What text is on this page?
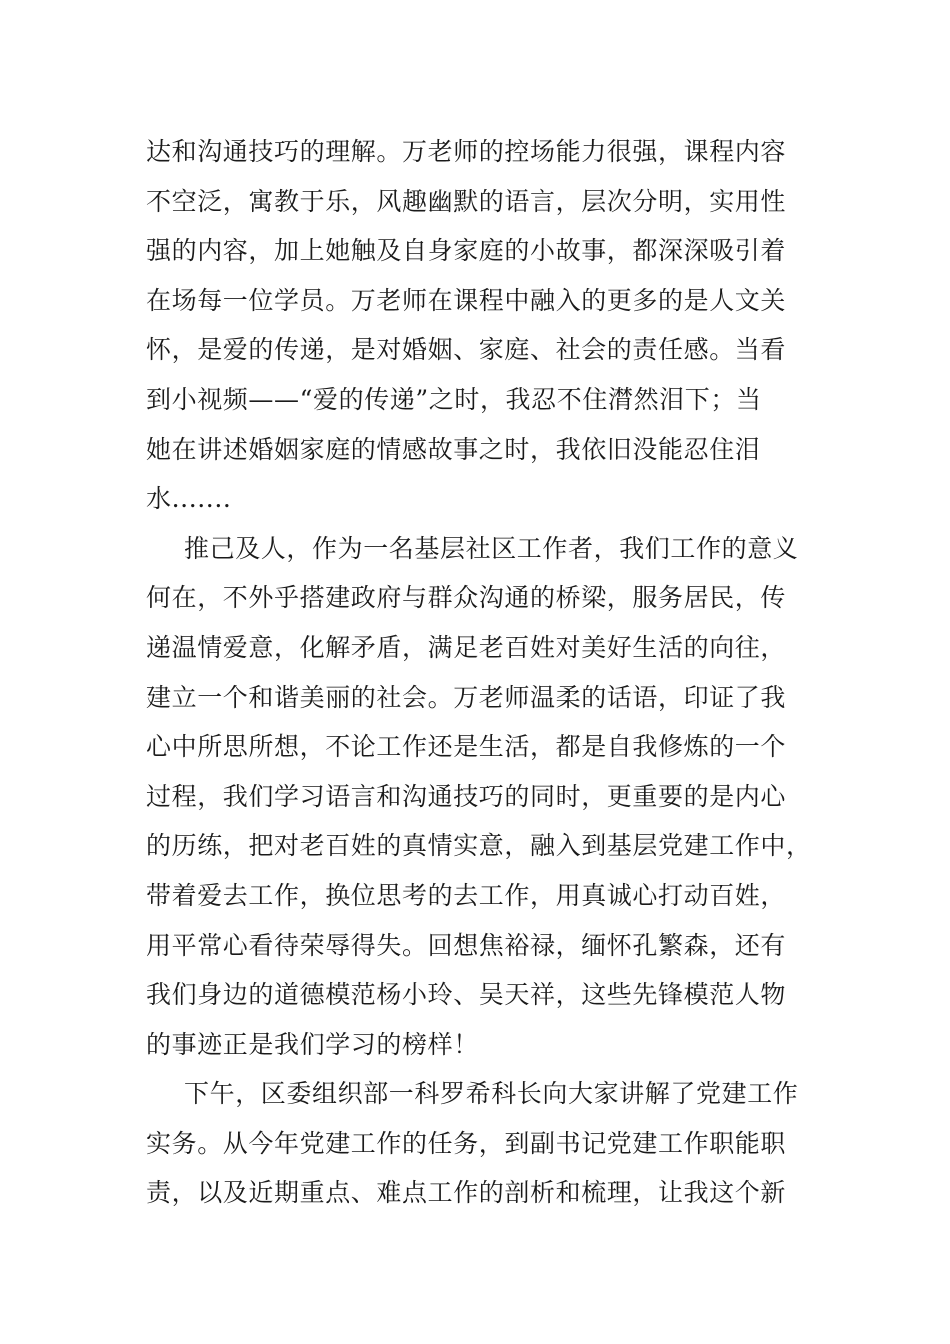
达和沟通技巧的理解。万老师的控场能力很强，课程内容
不空泛，寓教于乐，风趣幽默的语言，层次分明，实用性
强的内容，加上她触及自身家庭的小故事，都深深吸引着
在场每一位学员。万老师在课程中融入的更多的是人文关
怀，是爱的传递，是对婚姻、家庭、社会的责任感。当看
到小视频——“爱的传递”之时，我忍不住潸然泪下；当
她在讲述婚姻家庭的情感故事之时，我依旧没能忍住泪
水.......
推己及人，作为一名基层社区工作者，我们工作的意义
何在，不外乎搭建政府与群众沟通的桥梁，服务居民，传
递温情爱意，化解矛盾，满足老百姓对美好生活的向往，
建立一个和谐美丽的社会。万老师温柔的话语，印证了我
心中所思所想，不论工作还是生活，都是自我修炼的一个
过程，我们学习语言和沟通技巧的同时，更重要的是内心
的历练，把对老百姓的真情实意，融入到基层党建工作中，
带着爱去工作，换位思考的去工作，用真诚心打动百姓，
用平常心看待荣辱得失。回想焦裕禄，缅怀孔繁森，还有
我们身边的道德模范杨小玲、吴天祥，这些先锋模范人物
的事迹正是我们学习的榜样！
下午，区委组织部一科罗希科长向大家讲解了党建工作
实务。从今年党建工作的任务，到副书记党建工作职能职
责，以及近期重点、难点工作的剖析和梳理，让我这个新
